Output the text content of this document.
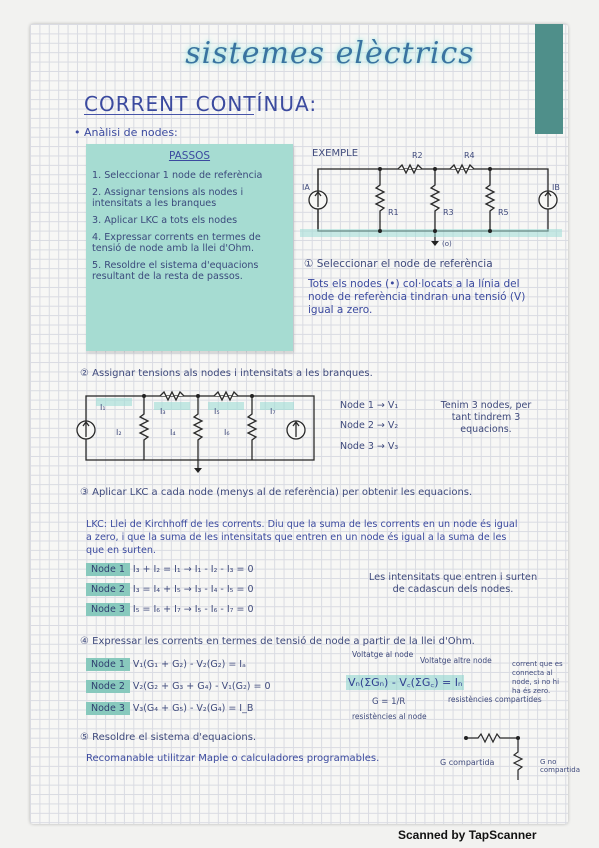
sistemes elèctrics
CORRENT CONTÍNUA:
• Anàlisi de nodes:
PASSOS
1. Seleccionar 1 node de referència
2. Assignar tensions als nodes i intensitats a les branques
3. Aplicar LKC a tots els nodes
4. Expressar corrents en termes de tensió de node amb la llei d'Ohm.
5. Resoldre el sistema d'equacions resultant de la resta de passos.
EXEMPLE	R2	R4
R1	R3	R5
IA	IB
(o)
① Seleccionar el node de referència
Tots els nodes (•) col·locats a la línia del node de referència tindran una tensió (V) igual a zero.
② Assignar tensions als nodes i intensitats a les branques.
I₁
I₂
I₃
I₄
I₅
I₆
I₇
Node 1 → V₁
Node 2 → V₂
Node 3 → V₃
Tenim 3 nodes, per tant tindrem 3 equacions.
③ Aplicar LKC a cada node (menys al de referència) per obtenir les equacions.
LKC: Llei de Kirchhoff de les corrents. Diu que la suma de les corrents en un node és igual a zero, i que la suma de les intensitats que entren en un node és igual a la suma de les que en surten.
Node 1 I₃ + I₂ = I₁ → I₁ - I₂ - I₃ = 0
Node 2 I₃ = I₄ + I₅ → I₃ - I₄ - I₅ = 0
Node 3 I₅ = I₆ + I₇ → I₅ - I₆ - I₇ = 0
Les intensitats que entren i surten de cadascun dels nodes.
④ Expressar les corrents en termes de tensió de node a partir de la llei d'Ohm.
Node 1 V₁(G₁ + G₂) - V₂(G₂) = Iₐ
Node 2 V₂(G₂ + G₃ + G₄) - V₁(G₂) = 0
Node 3 V₃(G₄ + G₅) - V₂(G₄) = I_B
Vₙ(ΣGₙ) - V꜀(ΣG꜀) = Iₙ
Voltatge al node
Voltatge altre node	corrent que es connecta al node, si no hi ha és zero.
resistències compartides
G = 1/R
resistències al node
⑤ Resoldre el sistema d'equacions.
Recomanable utilitzar Maple o calculadores programables.	G compartida	G no compartida
Scanned by TapScanner
